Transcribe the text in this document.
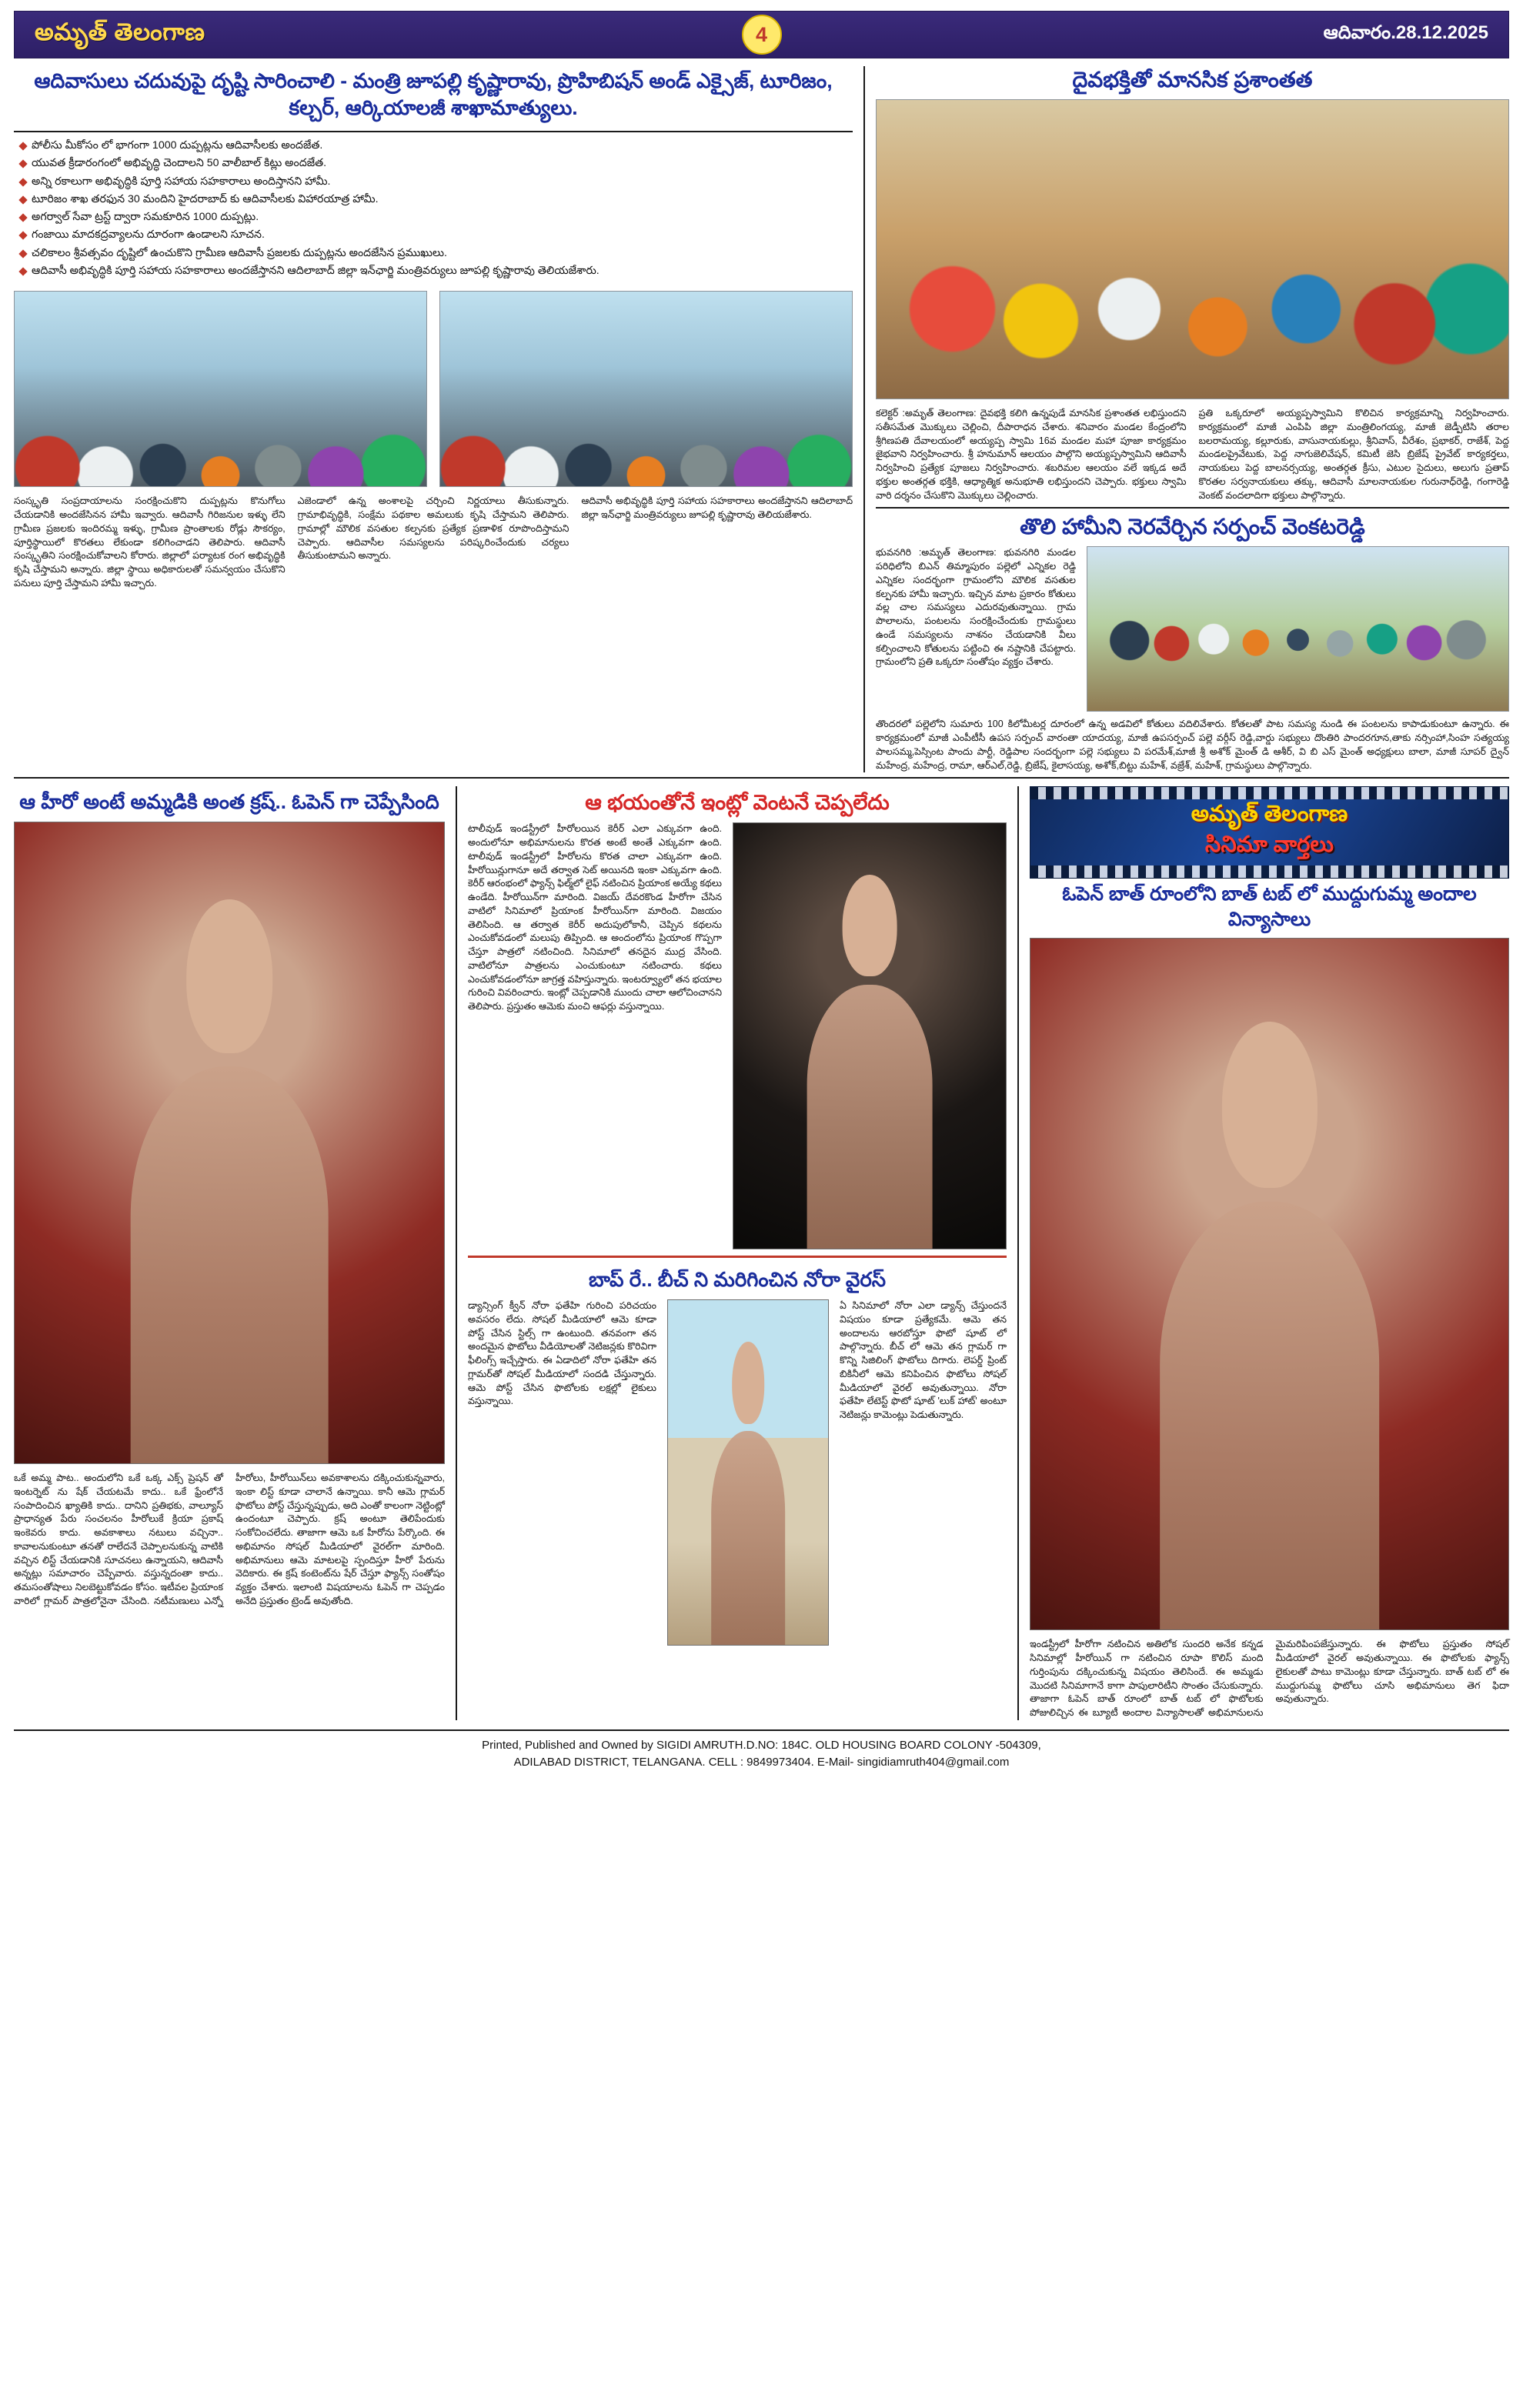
అమృత్ తెలంగాణ	4	ఆదివారం.28.12.2025
ఆదివాసులు చదువుపై దృష్టి సారించాలి - మంత్రి జూపల్లి కృష్ణారావు, ప్రొహిబిషన్ అండ్ ఎక్సైజ్, టూరిజం, కల్చర్, ఆర్కియాలజీ శాఖామాత్యులు.
పోలీసు మీకోసం లో భాగంగా 1000 దుప్పట్లను ఆదివాసీలకు అందజేత.
యువత క్రీడారంగంలో అభివృద్ధి చెందాలని 50 వాలీబాల్ కిట్లు అందజేత.
అన్ని రకాలుగా అభివృద్ధికి పూర్తి సహాయ సహకారాలు అందిస్తానని హామీ.
టూరిజం శాఖ తరఫున 30 మందిని హైదరాబాద్ కు ఆదివాసీలకు విహారయాత్ర హామీ.
అగర్వాల్ సేవా ట్రస్ట్ ద్వారా సమకూరిన 1000 దుప్పట్లు.
గంజాయి మాదకద్రవ్యాలను దూరంగా ఉండాలని సూచన.
చలికాలం శ్రీవత్సవం దృష్టిలో ఉంచుకొని గ్రామీణ ఆదివాసీ ప్రజలకు దుప్పట్లను అందజేసిన ప్రముఖులు.
ఆదివాసీ అభివృద్ధికి పూర్తి సహాయ సహకారాలు అందజేస్తానని ఆదిలాబాద్ జిల్లా ఇన్‌ఛార్జి మంత్రివర్యులు జూపల్లి కృష్ణారావు తెలియజేశారు.
సంస్కృతి సంప్రదాయాలను సంరక్షించుకొని దుప్పట్లను కొనుగోలు చేయడానికి అందజేసినన హామీ ఇవ్వారు. ఆదివాసీ గిరిజనుల ఇళ్ళు లేని గ్రామీణ ప్రజలకు ఇందిరమ్మ ఇళ్ళు, గ్రామీణ ప్రాంతాలకు రోడ్లు సౌకర్యం, పూర్తిస్థాయిలో కొరతలు లేకుండా కలిగించాడని తెలిపారు. ఆదివాసీ సంస్కృతిని సంరక్షించుకోవాలని కోరారు. జిల్లాలో పర్యాటక రంగ అభివృద్ధికి కృషి చేస్తామని అన్నారు. జిల్లా స్థాయి అధికారులతో సమన్వయం చేసుకొని పనులు పూర్తి చేస్తామని హామీ ఇచ్చారు.
ఎజెండాలో ఉన్న అంశాలపై చర్చించి నిర్ణయాలు తీసుకున్నారు. గ్రామాభివృద్ధికి, సంక్షేమ పథకాల అమలుకు కృషి చేస్తామని తెలిపారు. గ్రామాల్లో మౌలిక వసతుల కల్పనకు ప్రత్యేక ప్రణాళిక రూపొందిస్తామని చెప్పారు. ఆదివాసీల సమస్యలను పరిష్కరించేందుకు చర్యలు తీసుకుంటామని అన్నారు.
ఆదివాసీ అభివృద్ధికి పూర్తి సహాయ సహకారాలు అందజేస్తానని ఆదిలాబాద్ జిల్లా ఇన్‌ఛార్జి మంత్రివర్యులు జూపల్లి కృష్ణారావు తెలియజేశారు.
దైవభక్తితో మానసిక ప్రశాంతత
కలెక్టర్ :అమృత్ తెలంగాణ: దైవభక్తి కలిగి ఉన్నపుడే మానసిక ప్రశాంతత లభిస్తుందని సతీసమేత మెుక్కులు చెల్లించి, దీపారాధన చేశారు. శనివారం మండల కేంద్రంలోని శ్రీగిణపతి దేవాలయంలో అయ్యప్ప స్వామి 16వ మండల మహా పూజా కార్యక్రమం జైభవాని నిర్వహించారు. శ్రీ హనుమాన్ ఆలయం పాల్గొని అయ్యప్పస్వామిని ఆదివాసీ నిర్వహించి ప్రత్యేక పూజలు నిర్వహించారు. శబరిమల ఆలయం వలే ఇక్కడ అదే భక్తుల అంతర్గత భక్తికి, ఆధ్యాత్మిక అనుభూతి లభిస్తుందని చెప్పారు. భక్తులు స్వామి వారి దర్శనం చేసుకొని మొక్కులు చెల్లించారు.
ప్రతి ఒక్కరూలో అయ్యప్పస్వామిని కొలిచిన కార్యక్రమాన్ని నిర్వహించారు. కార్యక్రమంలో మాజీ ఎంపిపి జిల్లా మంత్రిలింగయ్య, మాజీ జెడ్పీటిసి తరాల బలరామయ్య, కల్లూరుకు, వాసునాయకుల్లు, శ్రీనివాస్, వీరేశం, ప్రభాకర్, రాజేశ్, పెద్ద మండలప్రైవేటుకు, పెద్ద నాగుజెలివేషన్, కమిటీ జెసి బ్రిజేష్ ప్రైవేట్ కార్యకర్తలు, నాయకులు పెద్ద బాలనర్సయ్య, అంతర్గత క్రీసు, ఎటుల సైదులు, అలుగు ప్రతాప్ కొరతల సర్వనాయకులు తక్కు, ఆదివాసీ మాలనాయకుల గురునాధ్‌రెడ్డి, గంగారెడ్డి వెంకట్ వందలాదిగా భక్తులు పాల్గొన్నారు.
తొలి హామీని నెరవేర్చిన సర్పంచ్ వెంకటరెడ్డి
భువనగిరి :అమృత్ తెలంగాణ: భువనగిరి మండల పరిధిలోని బిఎన్ తిమ్మాపురం పల్లెలో ఎన్నికల రెడ్డి ఎన్నికల సందర్భంగా గ్రామంలోని మౌలిక వసతుల కల్పనకు హామీ ఇచ్చారు. ఇచ్చిన మాట ప్రకారం కోతులు వల్ల చాల సమస్యలు ఎదురవుతున్నాయి. గ్రామ పొలాలను, పంటలను సంరక్షించేందుకు గ్రామస్థులు ఉండే సమస్యలను నాశనం చేయడానికి వీలు కల్పించాలని కోతులను పట్టించి ఈ నష్టానికి చేపట్టారు. గ్రామంలోని ప్రతి ఒక్కరూ సంతోషం వ్యక్తం చేశారు.
తొందరలో పల్లెలోని సుమారు 100 కిలోమీటర్ల దూరంలో ఉన్న అడవిలో కోతులు వదిలివేశారు. కోతలతో పాట సమస్య నుండి ఈ పంటలను కాపాడుకుంటూ ఉన్నారు. ఈ కార్యక్రమంలో మాజీ ఎంపీటీసీ ఉపస సర్పంచ్ వారంతా యాదయ్య, మాజీ ఉపసర్పంచ్ పల్లె వర్గీస్ రెడ్డి,వార్డు సభ్యులు దొంతిరి పాందరగూన,తాకు నర్సింహా,సింహ సత్యయ్య పాలసమ్మ,పెస్సింట పాందు పార్టీ, రెడ్డిపాల సందర్భంగా పల్లె సభ్యులు వి పరమేశ్,మాజీ శ్రీ అశోక్ మైంత్ డి ఆశీర్, వి బి ఎస్ మైంత్ అధ్యక్షులు బాలా, మాజీ సూపర్ ద్వైన్ మహేంద్ర, మహేంద్ర, రామా, ఆర్ఎల్,రెడ్డి, బ్రిజేష్, కైలాసయ్య, అశోక్,బిట్టు మహేశ్, వజ్రేశ్, మహేశ్, గ్రామస్థులు పాల్గొన్నారు.
ఆ హీరో అంటే అమ్మడికి అంత క్రష్.. ఓపెన్ గా చెప్పేసింది
ఒకే అమ్మ పాట.. అందులోని ఒకే ఒక్క ఎక్స్ ప్రెషన్ తో ఇంటర్నెట్ ను షేక్ చేయటమే కాదు.. ఒకే ఫ్రేంలోనే సంపాదించిన ఖ్యాతికి కాదు.. దానిని ప్రతిభకు, వాల్యూస్ ప్రాధాన్యత పేరు సంచలనం హీరోలుకే క్రియా ప్రకాష్ ఇంకెవరు కాదు. అవకాశాలు నటులు వచ్చినా.. కావాలనుకుంటూ తనతో రాలేదనే చెప్పాలనుకున్న వాటికి వచ్చిన లిస్ట్ చేయడానికి సూచనలు ఉన్నాయని, ఆదివాసీ అన్నట్లు సమాచారం చెప్పేవారు. వస్తున్నదంతా కాదు.. తమసంతోషాలు నిలబెట్టుకోవడం కోసం. ఇటీవల ప్రియాంక వారిలో గ్లామర్ పాత్రలోనైనా చేసింది. నటీమణులు ఎన్నో హీరోలు, హీరోయిన్‌లు అవకాశాలను దక్కించుకున్నవారు, ఇంకా లిస్ట్ కూడా చాలానే ఉన్నాయి. కానీ ఆమె గ్లామర్ ఫొటోలు పోస్ట్ చేస్తున్నప్పుడు, అది ఎంతో కాలంగా నెట్టింట్లో ఉందంటూ చెప్పారు. క్రష్ అంటూ తెలిపేందుకు సంకోచించలేదు. తాజాగా ఆమె ఒక హీరోను పేర్కొంది. ఈ అభిమానం సోషల్ మీడియాలో వైరల్‌గా మారింది. అభిమానులు ఆమె మాటలపై స్పందిస్తూ హీరో పేరును వెదికారు. ఈ క్రష్ కంటెంట్‌ను షేర్ చేస్తూ ఫ్యాన్స్ సంతోషం వ్యక్తం చేశారు. ఇలాంటి విషయాలను ఓపెన్ గా చెప్పడం అనేది ప్రస్తుతం ట్రెండ్ అవుతోంది.
ఆ భయంతోనే ఇంట్లో వెంటనే చెప్పలేదు
టాలీవుడ్ ఇండస్ట్రీలో హీరోలయిన కెరీర్ ఎలా ఎక్కువగా ఉంది. అందులోనూ అభిమానులను కొరత అంటే అంతే ఎక్కువగా ఉంది. టాలీవుడ్ ఇండస్ట్రీలో హీరోలను కొరత చాలా ఎక్కువగా ఉంది. హీరోయిన్లుగానూ అదే తర్వాత సెట్ అయినది ఇంకా ఎక్కువగా ఉంది. కెరీర్ ఆరంభంలో ఫ్యాన్స్ ఫిల్మ్‌లో లైఫ్ నటించిన ప్రియాంక అయ్యే కథలు ఉండేది. హీరోయిన్‌గా మారింది. విజయ్ దేవరకొండ హీరోగా చేసిన వాటిలో సినిమాలో ప్రియాంక హీరోయిన్‌గా మారింది. విజయం తెలిసింది. ఆ తర్వాత కెరీర్ అదుపులోకానీ, చెప్పిన కథలను ఎంచుకోవడంలో మలుపు తిప్పింది. ఆ అందంలోను ప్రియాంక గొప్పగా చేస్తూ పాత్రలో నటించింది. సినిమాలో తనదైన ముద్ర వేసింది. వాటిలోనూ పాత్రలను ఎంచుకుంటూ నటించారు. కథలు ఎంచుకోవడంలోనూ జాగ్రత్త వహిస్తున్నారు. ఇంటర్వ్యూలో తన భయాల గురించి వివరించారు. ఇంట్లో చెప్పడానికి ముందు చాలా ఆలోచించానని తెలిపారు. ప్రస్తుతం ఆమెకు మంచి ఆఫర్లు వస్తున్నాయి.
బాప్ రే.. బీచ్ ని మరిగించిన నోరా వైరస్
డ్యాన్సింగ్ క్వీన్ నోరా ఫతేహి గురించి పరిచయం అవసరం లేదు. సోషల్ మీడియాలో ఆమె కూడా పోస్ట్ చేసిన స్టిల్స్ గా ఉంటుంది. తనవంగా తన అందమైన ఫొటోలు వీడియోలతో నెటిజన్లకు కొరివిగా ఫీలింగ్స్ ఇచ్చేస్తారు. ఈ ఏడాదిలో నోరా ఫతేహి తన గ్లామర్‌తో సోషల్ మీడియాలో సందడి చేస్తున్నారు. ఆమె పోస్ట్ చేసిన ఫొటోలకు లక్షల్లో లైకులు వస్తున్నాయి.
ఏ సినిమాలో నోరా ఎలా డ్యాన్స్ చేస్తుందనే విషయం కూడా ప్రత్యేకమే. ఆమె తన అందాలను ఆరబోస్తూ ఫొటో షూట్ లో పాల్గొన్నారు. బీచ్ లో ఆమె తన గ్లామర్ గా కొన్ని సిజిలింగ్ ఫొటోలు దిగారు. లెపర్డ్ ప్రింట్ బికినీలో ఆమె కనిపించిన ఫొటోలు సోషల్ మీడియాలో వైరల్ అవుతున్నాయి. నోరా ఫతేహి లేటెస్ట్ ఫొటో షూట్ 'లుక్ హాట్' అంటూ నెటిజన్లు కామెంట్లు పెడుతున్నారు.
అమృత్ తెలంగాణ
సినిమా వార్తలు
ఓపెన్ బాత్ రూంలోని బాత్ టబ్ లో ముద్దుగుమ్మ అందాల విన్యాసాలు
ఇండస్ట్రీలో హీరోగా నటించిన అతిలోక సుందరి అనేక కన్నడ సినిమాల్లో హీరోయిన్ గా నటించిన రూపా కొలిస్ మంది గుర్తింపును దక్కించుకున్న విషయం తెలిసిందే. ఈ అమ్మడు మొదటి సినిమాగానే కాగా పాపులారిటీని సొంతం చేసుకున్నారు. తాజాగా ఓపెన్ బాత్ రూంలో బాత్ టబ్ లో ఫొటోలకు పోజులిచ్చిన ఈ బ్యూటీ అందాల విన్యాసాలతో అభిమానులను మైమరిపింపజేస్తున్నారు. ఈ ఫొటోలు ప్రస్తుతం సోషల్ మీడియాలో వైరల్ అవుతున్నాయి. ఈ ఫొటోలకు ఫ్యాన్స్ లైకులతో పాటు కామెంట్లు కూడా చేస్తున్నారు. బాత్ టబ్ లో ఈ ముద్దుగుమ్మ ఫొటోలు చూసి అభిమానులు తెగ ఫిదా అవుతున్నారు.
Printed, Published and Owned by SIGIDI AMRUTH.D.NO: 184C. OLD HOUSING BOARD COLONY -504309,
ADILABAD DISTRICT, TELANGANA. CELL : 9849973404. E-Mail- singidiamruth404@gmail.com
